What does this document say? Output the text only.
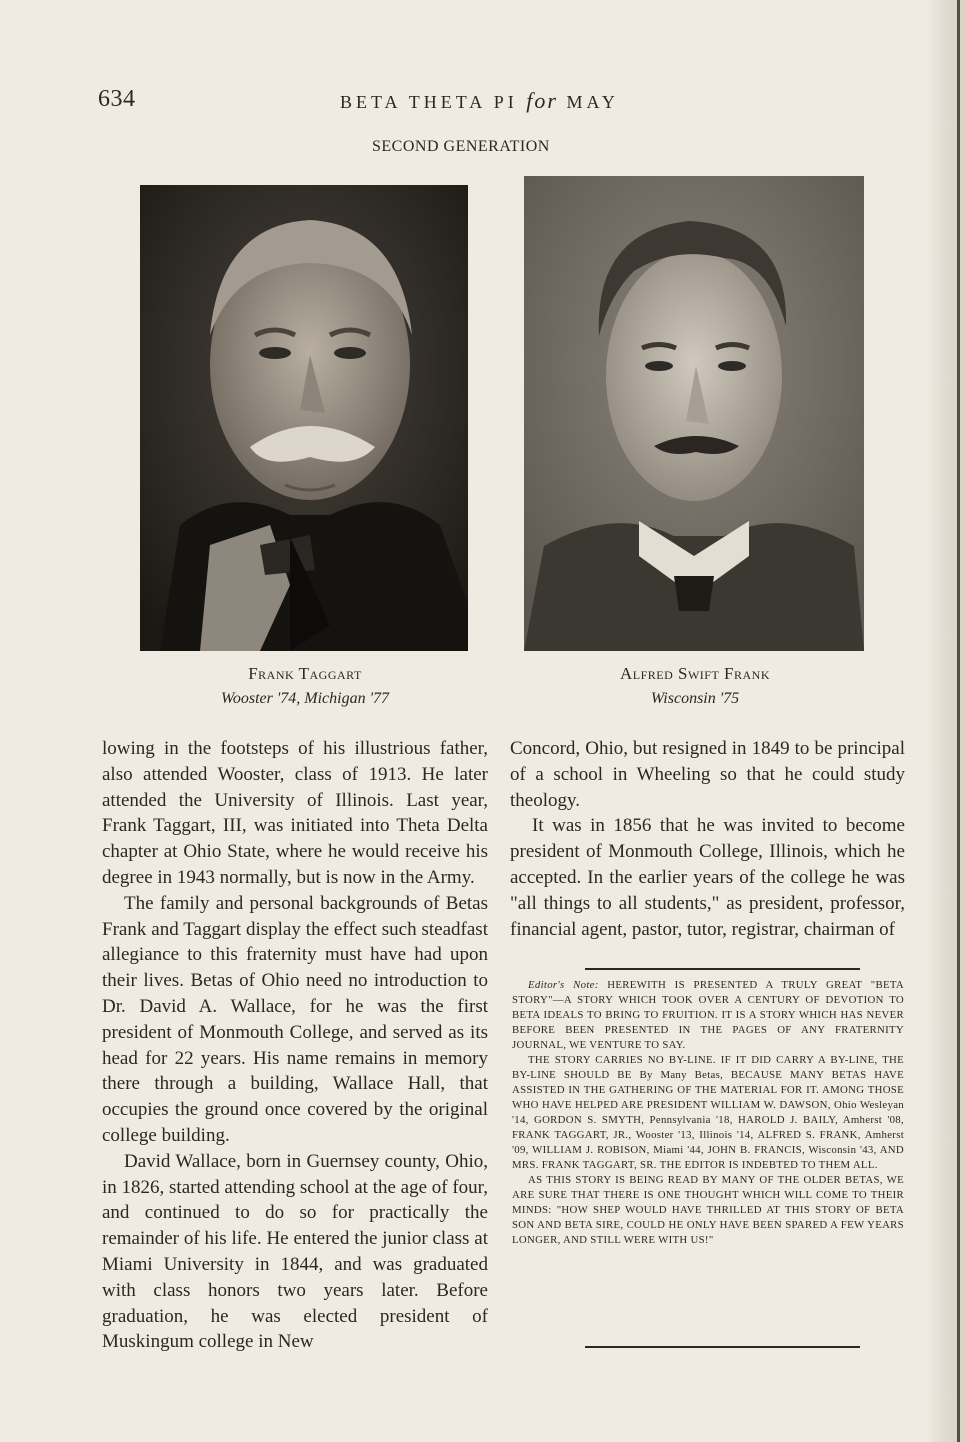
634	BETA THETA PI for MAY
SECOND GENERATION
Frank Taggart
Wooster '74, Michigan '77
Alfred Swift Frank
Wisconsin '75

lowing in the footsteps of his illustrious father, also attended Wooster, class of 1913. He later attended the University of Illinois. Last year, Frank Taggart, III, was initiated into Theta Delta chapter at Ohio State, where he would receive his degree in 1943 normally, but is now in the Army.

The family and personal backgrounds of Betas Frank and Taggart display the effect such steadfast allegiance to this fraternity must have had upon their lives. Betas of Ohio need no introduction to Dr. David A. Wallace, for he was the first president of Monmouth College, and served as its head for 22 years. His name remains in memory there through a building, Wallace Hall, that occupies the ground once covered by the original college building.

David Wallace, born in Guernsey county, Ohio, in 1826, started attending school at the age of four, and continued to do so for practically the remainder of his life. He entered the junior class at Miami University in 1844, and was graduated with class honors two years later. Before graduation, he was elected president of Muskingum college in New

Concord, Ohio, but resigned in 1849 to be principal of a school in Wheeling so that he could study theology.

It was in 1856 that he was invited to become president of Monmouth College, Illinois, which he accepted. In the earlier years of the college he was "all things to all students," as president, professor, financial agent, pastor, tutor, registrar, chairman of

Editor's Note: HEREWITH IS PRESENTED A TRULY GREAT "BETA STORY"—A STORY WHICH TOOK OVER A CENTURY OF DEVOTION TO BETA IDEALS TO BRING TO FRUITION. IT IS A STORY WHICH HAS NEVER BEFORE BEEN PRESENTED IN THE PAGES OF ANY FRATERNITY JOURNAL, WE VENTURE TO SAY.

THE STORY CARRIES NO BY-LINE. IF IT DID CARRY A BY-LINE, THE BY-LINE SHOULD BE By Many Betas, BECAUSE MANY BETAS HAVE ASSISTED IN THE GATHERING OF THE MATERIAL FOR IT. AMONG THOSE WHO HAVE HELPED ARE PRESIDENT WILLIAM W. DAWSON, Ohio Wesleyan '14, GORDON S. SMYTH, Pennsylvania '18, HAROLD J. BAILY, Amherst '08, FRANK TAGGART, JR., Wooster '13, Illinois '14, ALFRED S. FRANK, Amherst '09, WILLIAM J. ROBISON, Miami '44, JOHN B. FRANCIS, Wisconsin '43, AND MRS. FRANK TAGGART, SR. THE EDITOR IS INDEBTED TO THEM ALL.

AS THIS STORY IS BEING READ BY MANY OF THE OLDER BETAS, WE ARE SURE THAT THERE IS ONE THOUGHT WHICH WILL COME TO THEIR MINDS: "HOW SHEP WOULD HAVE THRILLED AT THIS STORY OF BETA SON AND BETA SIRE, COULD HE ONLY HAVE BEEN SPARED A FEW YEARS LONGER, AND STILL WERE WITH US!"
